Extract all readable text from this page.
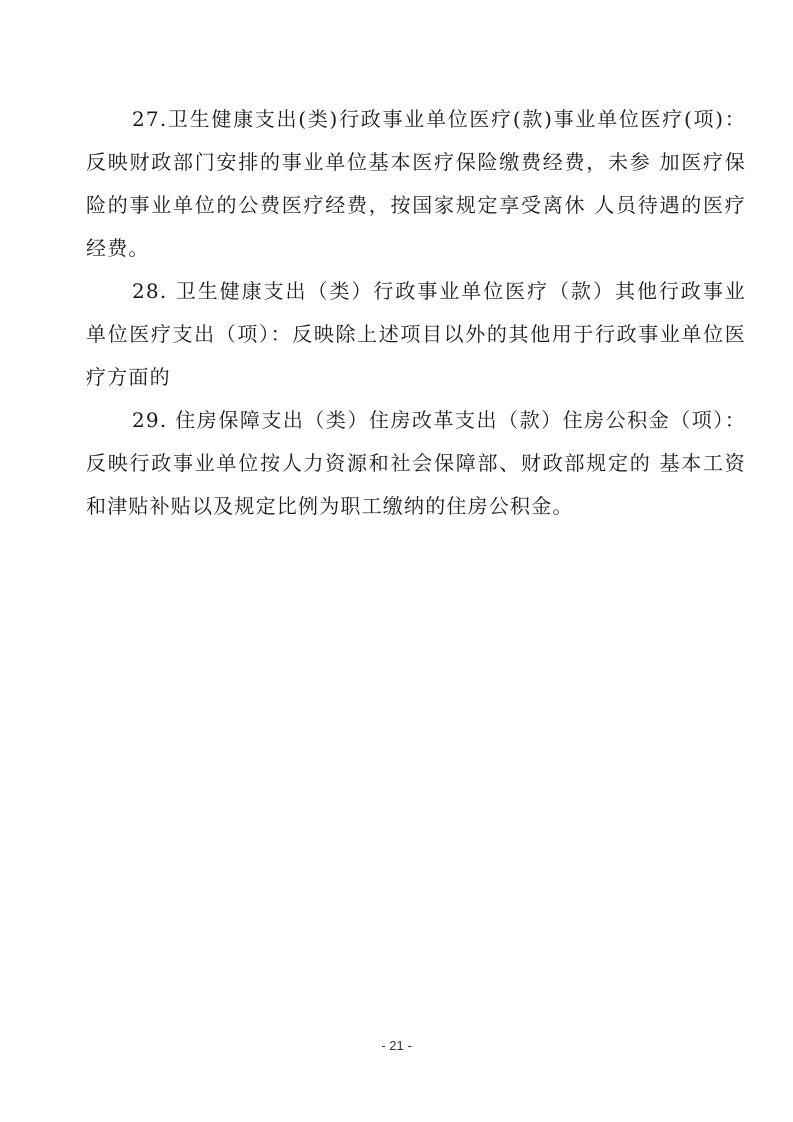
27.卫生健康支出(类)行政事业单位医疗(款)事业单位医疗(项)：反映财政部门安排的事业单位基本医疗保险缴费经费，未参 加医疗保险的事业单位的公费医疗经费，按国家规定享受离休 人员待遇的医疗经费。

28. 卫生健康支出（类）行政事业单位医疗（款）其他行政事业单位医疗支出（项）：反映除上述项目以外的其他用于行政事业单位医疗方面的

29. 住房保障支出（类）住房改革支出（款）住房公积金（项）：反映行政事业单位按人力资源和社会保障部、财政部规定的 基本工资和津贴补贴以及规定比例为职工缴纳的住房公积金。

- 21 -
